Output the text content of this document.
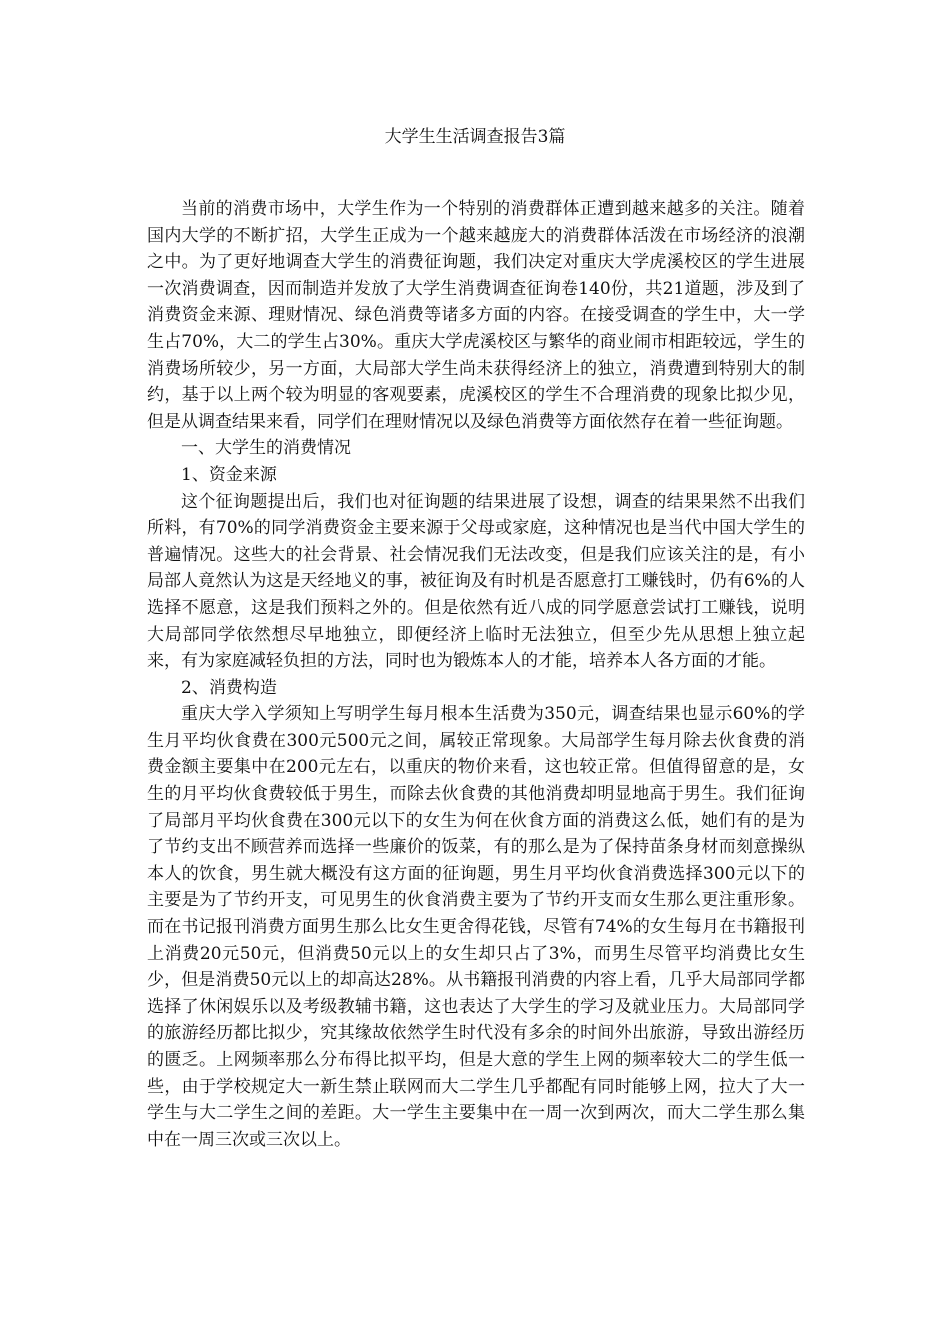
大学生生活调查报告3篇

当前的消费市场中，大学生作为一个特别的消费群体正遭到越来越多的关注。随着国内大学的不断扩招，大学生正成为一个越来越庞大的消费群体活泼在市场经济的浪潮之中。为了更好地调查大学生的消费征询题，我们决定对重庆大学虎溪校区的学生进展一次消费调查，因而制造并发放了大学生消费调查征询卷140份，共21道题，涉及到了消费资金来源、理财情况、绿色消费等诸多方面的内容。在接受调查的学生中，大一学生占70%，大二的学生占30%。重庆大学虎溪校区与繁华的商业闹市相距较远，学生的消费场所较少，另一方面，大局部大学生尚未获得经济上的独立，消费遭到特别大的制约，基于以上两个较为明显的客观要素，虎溪校区的学生不合理消费的现象比拟少见，但是从调查结果来看，同学们在理财情况以及绿色消费等方面依然存在着一些征询题。

一、大学生的消费情况

1、资金来源

这个征询题提出后，我们也对征询题的结果进展了设想，调查的结果果然不出我们所料，有70%的同学消费资金主要来源于父母或家庭，这种情况也是当代中国大学生的普遍情况。这些大的社会背景、社会情况我们无法改变，但是我们应该关注的是，有小局部人竟然认为这是天经地义的事，被征询及有时机是否愿意打工赚钱时，仍有6%的人选择不愿意，这是我们预料之外的。但是依然有近八成的同学愿意尝试打工赚钱，说明大局部同学依然想尽早地独立，即便经济上临时无法独立，但至少先从思想上独立起来，有为家庭减轻负担的方法，同时也为锻炼本人的才能，培养本人各方面的才能。

2、消费构造

重庆大学入学须知上写明学生每月根本生活费为350元，调查结果也显示60%的学生月平均伙食费在300元500元之间，属较正常现象。大局部学生每月除去伙食费的消费金额主要集中在200元左右，以重庆的物价来看，这也较正常。但值得留意的是，女生的月平均伙食费较低于男生，而除去伙食费的其他消费却明显地高于男生。我们征询了局部月平均伙食费在300元以下的女生为何在伙食方面的消费这么低，她们有的是为了节约支出不顾营养而选择一些廉价的饭菜，有的那么是为了保持苗条身材而刻意操纵本人的饮食，男生就大概没有这方面的征询题，男生月平均伙食消费选择300元以下的主要是为了节约开支，可见男生的伙食消费主要为了节约开支而女生那么更注重形象。而在书记报刊消费方面男生那么比女生更舍得花钱，尽管有74%的女生每月在书籍报刊上消费20元50元，但消费50元以上的女生却只占了3%，而男生尽管平均消费比女生少，但是消费50元以上的却高达28%。从书籍报刊消费的内容上看，几乎大局部同学都选择了休闲娱乐以及考级教辅书籍，这也表达了大学生的学习及就业压力。大局部同学的旅游经历都比拟少，究其缘故依然学生时代没有多余的时间外出旅游，导致出游经历的匮乏。上网频率那么分布得比拟平均，但是大意的学生上网的频率较大二的学生低一些，由于学校规定大一新生禁止联网而大二学生几乎都配有同时能够上网，拉大了大一学生与大二学生之间的差距。大一学生主要集中在一周一次到两次，而大二学生那么集中在一周三次或三次以上。
